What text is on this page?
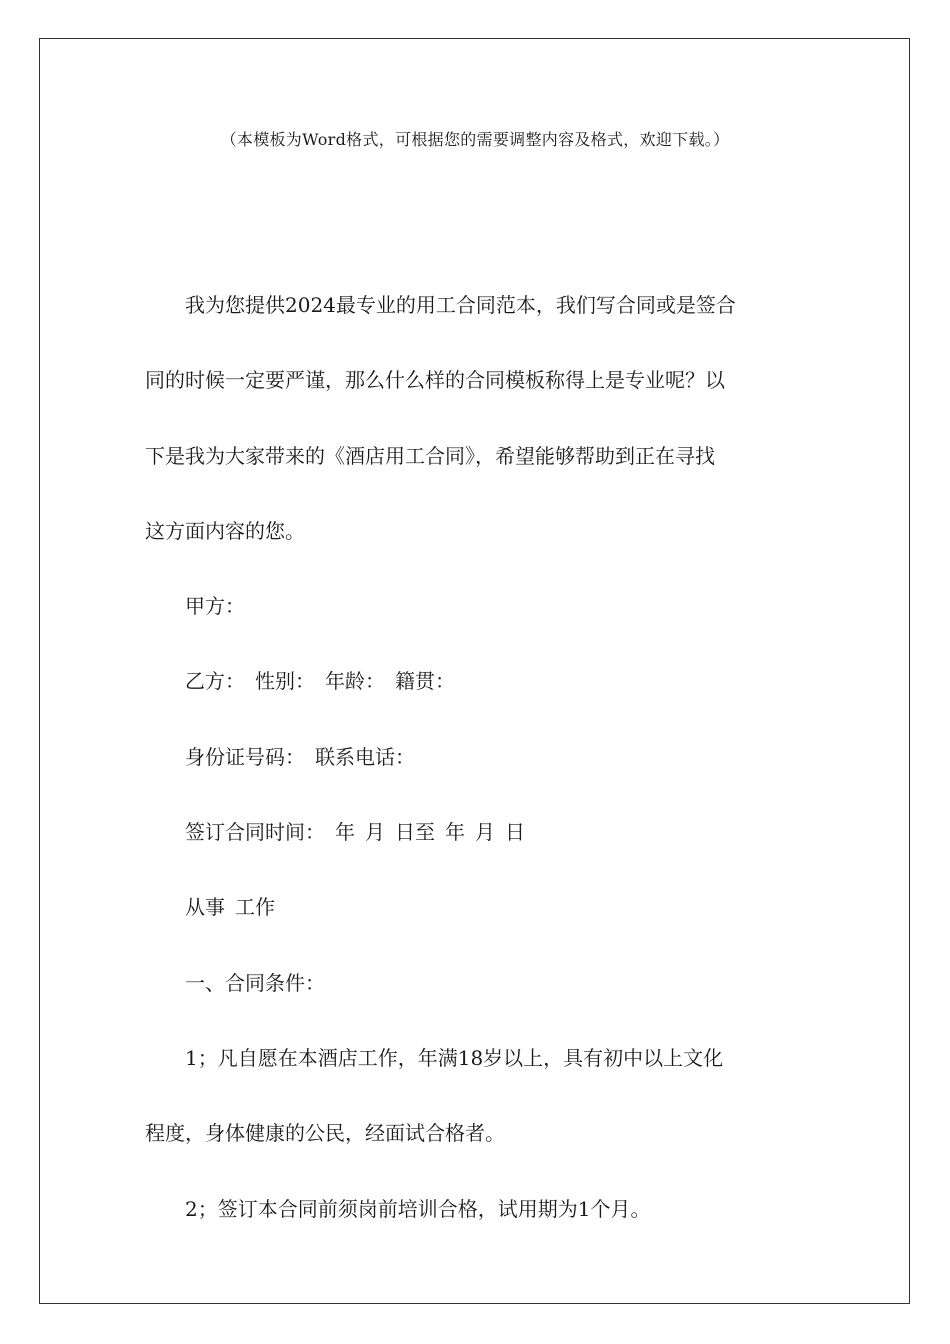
（本模板为Word格式，可根据您的需要调整内容及格式，欢迎下载。）

我为您提供2024最专业的用工合同范本，我们写合同或是签合

同的时候一定要严谨，那么什么样的合同模板称得上是专业呢？以
下是我为大家带来的《酒店用工合同》，希望能够帮助到正在寻找
这方面内容的您。

甲方：

乙方： 性别： 年龄： 籍贯：

身份证号码： 联系电话：

签订合同时间： 年 月 日至 年 月 日

从事 工作

一、合同条件：

1；凡自愿在本酒店工作，年满18岁以上，具有初中以上文化

程度，身体健康的公民，经面试合格者。

2；签订本合同前须岗前培训合格，试用期为1个月。
